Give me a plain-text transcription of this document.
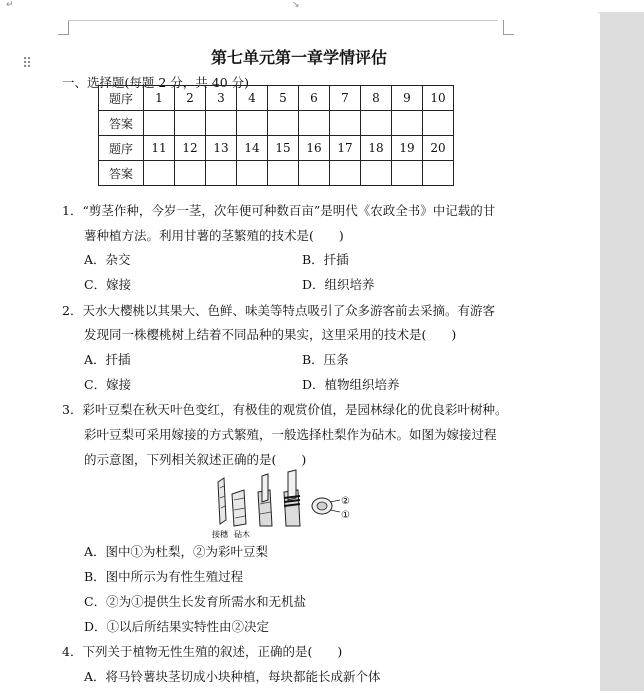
↵	↘
⠿	第七单元第一章学情评估
一、选择题(每题 2 分，共 40 分)
题序	1	2	3	4	5	6	7	8	9	10
答案										
题序	11	12	13	14	15	16	17	18	19	20
答案										
1．“剪茎作种，今岁一茎，次年便可种数百亩”是明代《农政全书》中记载的甘
薯种植方法。利用甘薯的茎繁殖的技术是(　　)
A．杂交	B．扦插
C．嫁接	D．组织培养
2．天水大樱桃以其果大、色鲜、味美等特点吸引了众多游客前去采摘。有游客
发现同一株樱桃树上结着不同品种的果实，这里采用的技术是(　　)
A．扦插	B．压条
C．嫁接	D．植物组织培养
3．彩叶豆梨在秋天叶色变红，有极佳的观赏价值，是园林绿化的优良彩叶树种。
彩叶豆梨可采用嫁接的方式繁殖，一般选择杜梨作为砧木。如图为嫁接过程
的示意图，下列相关叙述正确的是(　　)
②
①
接穗 砧木
A．图中①为杜梨，②为彩叶豆梨
B．图中所示为有性生殖过程
C．②为①提供生长发育所需水和无机盐
D．①以后所结果实特性由②决定
4．下列关于植物无性生殖的叙述，正确的是(　　)
A．将马铃薯块茎切成小块种植，每块都能长成新个体
